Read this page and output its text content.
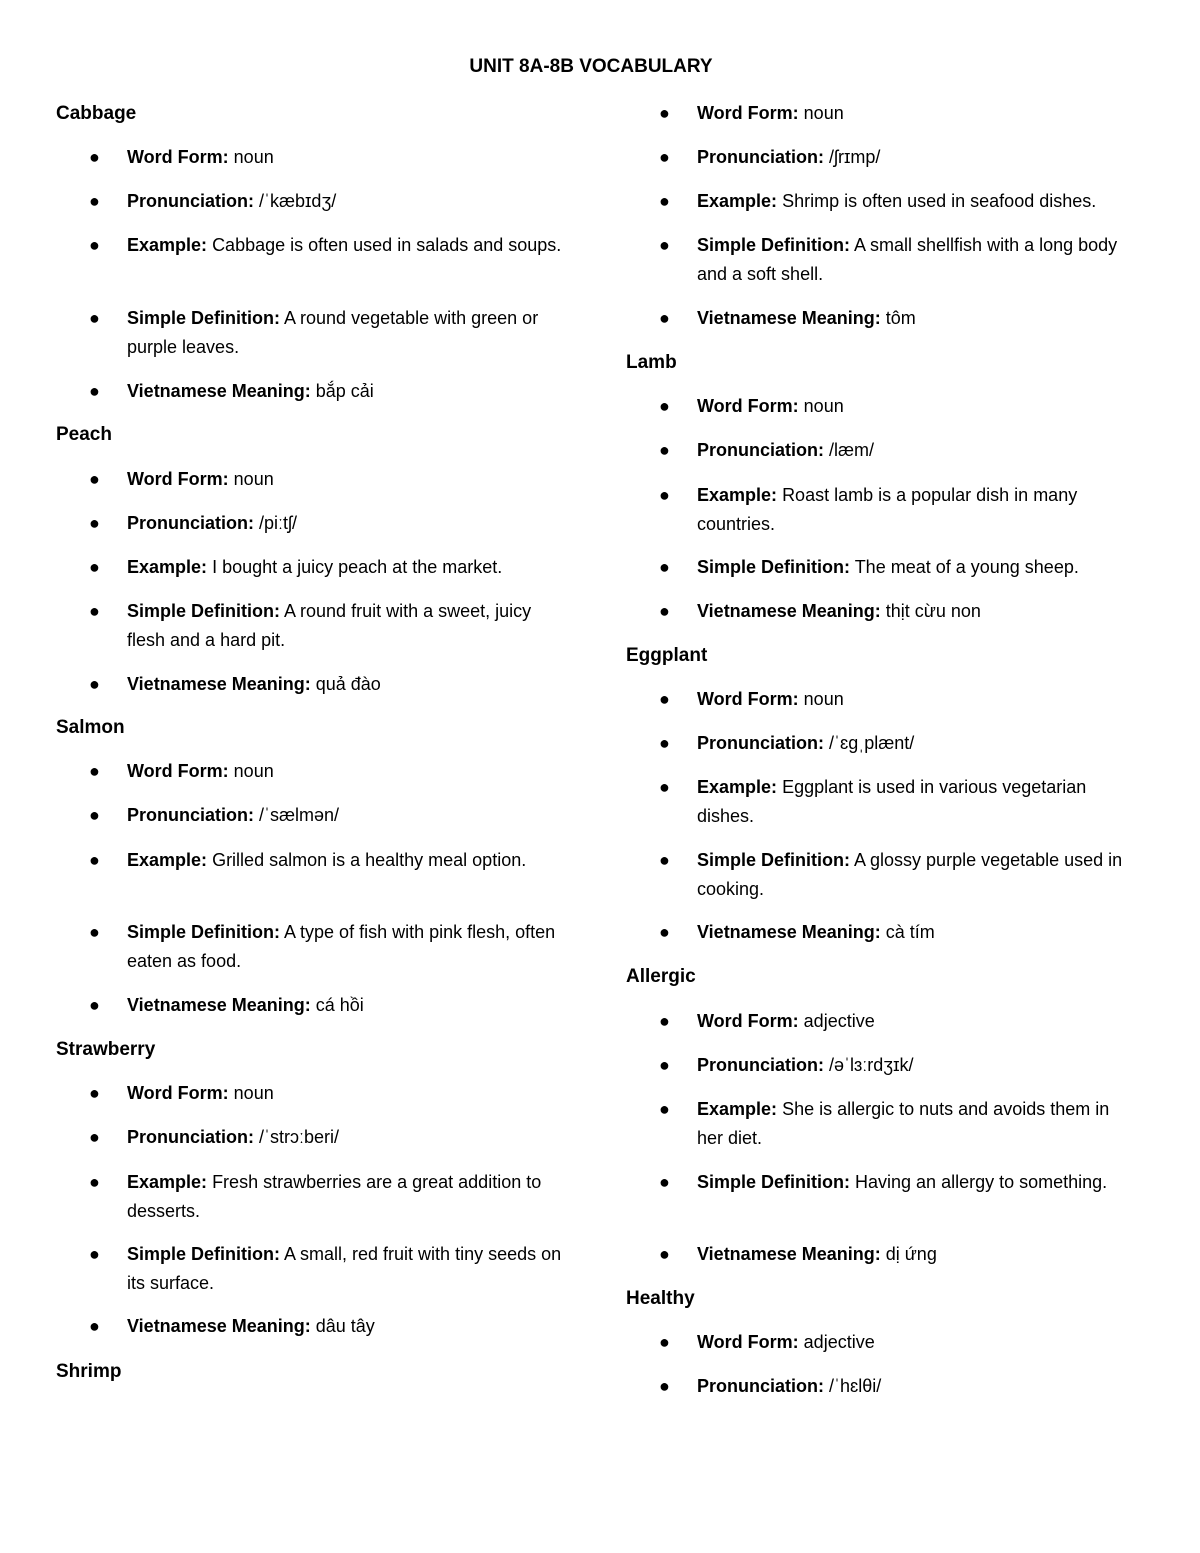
UNIT 8A-8B VOCABULARY
Cabbage
● Word Form: noun
● Pronunciation: /ˈkæbɪdʒ/
● Example: Cabbage is often used in salads and soups.
● Simple Definition: A round vegetable with green or purple leaves.
● Vietnamese Meaning: bắp cải
Peach
● Word Form: noun
● Pronunciation: /piːtʃ/
● Example: I bought a juicy peach at the market.
● Simple Definition: A round fruit with a sweet, juicy flesh and a hard pit.
● Vietnamese Meaning: quả đào
Salmon
● Word Form: noun
● Pronunciation: /ˈsælmən/
● Example: Grilled salmon is a healthy meal option.
● Simple Definition: A type of fish with pink flesh, often eaten as food.
● Vietnamese Meaning: cá hồi
Strawberry
● Word Form: noun
● Pronunciation: /ˈstrɔːberi/
● Example: Fresh strawberries are a great addition to desserts.
● Simple Definition: A small, red fruit with tiny seeds on its surface.
● Vietnamese Meaning: dâu tây
Shrimp
● Word Form: noun
● Pronunciation: /ʃrɪmp/
● Example: Shrimp is often used in seafood dishes.
● Simple Definition: A small shellfish with a long body and a soft shell.
● Vietnamese Meaning: tôm
Lamb
● Word Form: noun
● Pronunciation: /læm/
● Example: Roast lamb is a popular dish in many countries.
● Simple Definition: The meat of a young sheep.
● Vietnamese Meaning: thịt cừu non
Eggplant
● Word Form: noun
● Pronunciation: /ˈɛɡˌplænt/
● Example: Eggplant is used in various vegetarian dishes.
● Simple Definition: A glossy purple vegetable used in cooking.
● Vietnamese Meaning: cà tím
Allergic
● Word Form: adjective
● Pronunciation: /əˈlɜːrdʒɪk/
● Example: She is allergic to nuts and avoids them in her diet.
● Simple Definition: Having an allergy to something.
● Vietnamese Meaning: dị ứng
Healthy
● Word Form: adjective
● Pronunciation: /ˈhɛlθi/
